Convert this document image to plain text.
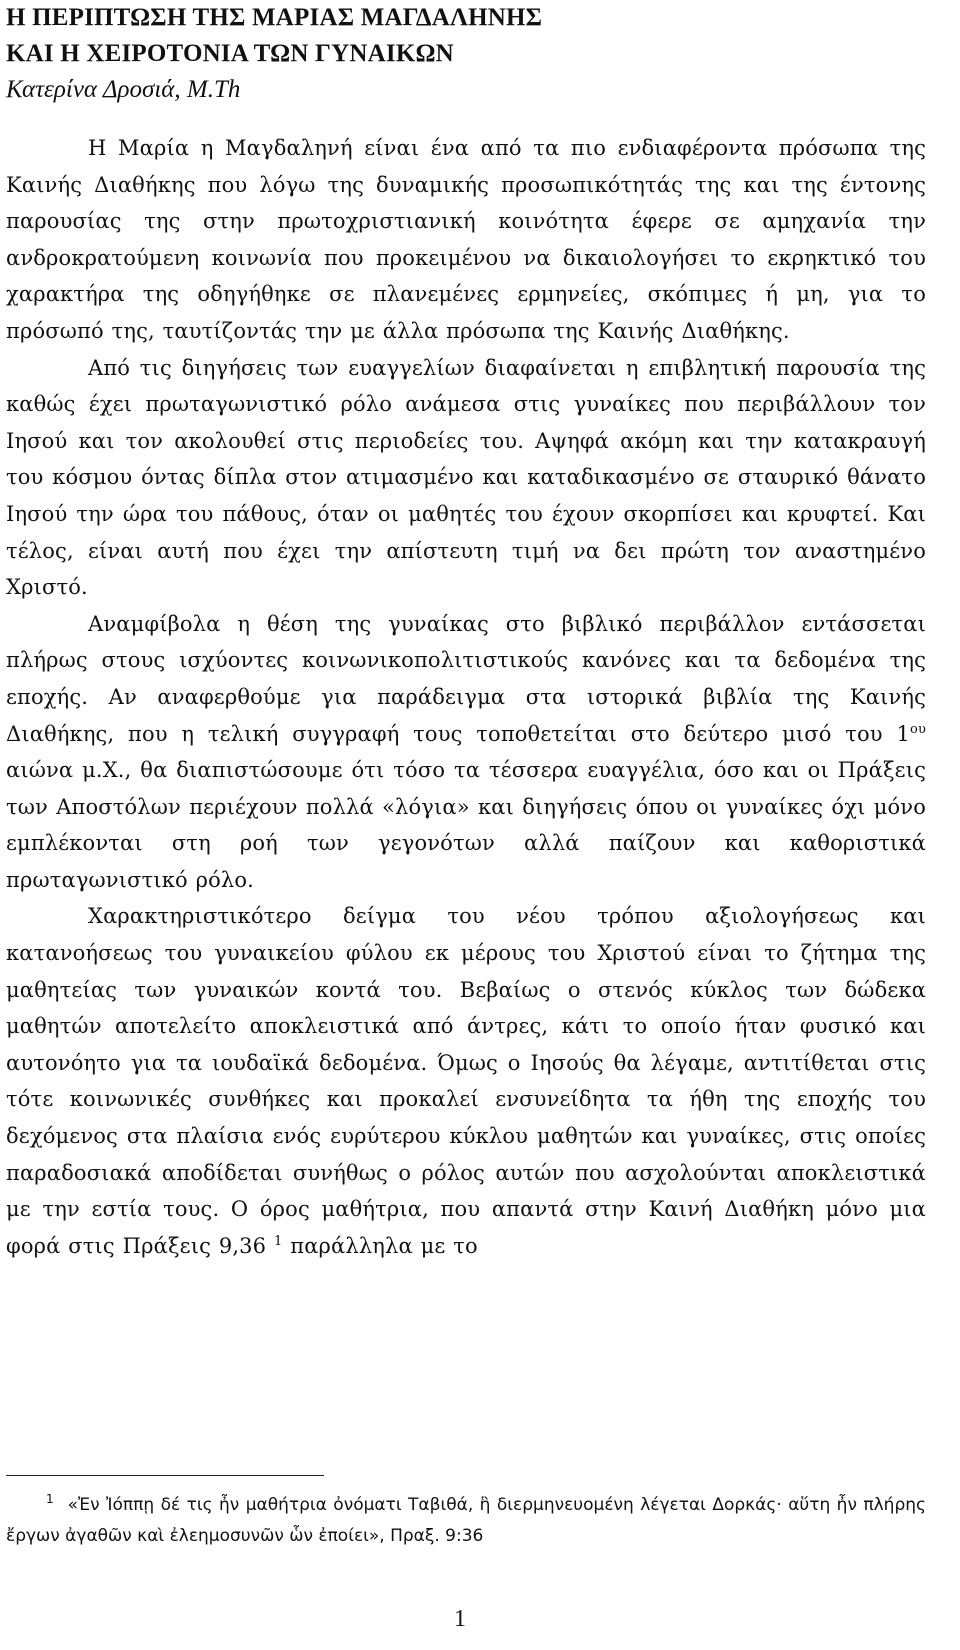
Η ΠΕΡΙΠΤΩΣΗ ΤΗΣ ΜΑΡΙΑΣ ΜΑΓΔΑΛΗΝΗΣ

ΚΑΙ Η ΧΕΙΡΟΤΟΝΙΑ ΤΩΝ ΓΥΝΑΙΚΩΝ

Κατερίνα Δροσιά, M.Th

Η Μαρία η Μαγδαληνή είναι ένα από τα πιο ενδιαφέροντα πρόσωπα της Καινής Διαθήκης που λόγω της δυναμικής προσωπικότητάς της και της έντονης παρουσίας της στην πρωτοχριστιανική κοινότητα έφερε σε αμηχανία την ανδροκρατούμενη κοινωνία που προκειμένου να δικαιολογήσει το εκρηκτικό του χαρακτήρα της οδηγήθηκε σε πλανεμένες ερμηνείες, σκόπιμες ή μη, για το πρόσωπό της, ταυτίζοντάς την με άλλα πρόσωπα της Καινής Διαθήκης.

Από τις διηγήσεις των ευαγγελίων διαφαίνεται η επιβλητική παρουσία της καθώς έχει πρωταγωνιστικό ρόλο ανάμεσα στις γυναίκες που περιβάλλουν τον Ιησού και τον ακολουθεί στις περιοδείες του. Αψηφά ακόμη και την κατακραυγή του κόσμου όντας δίπλα στον ατιμασμένο και καταδικασμένο σε σταυρικό θάνατο Ιησού την ώρα του πάθους, όταν οι μαθητές του έχουν σκορπίσει και κρυφτεί. Και τέλος, είναι αυτή που έχει την απίστευτη τιμή να δει πρώτη τον αναστημένο Χριστό.

Αναμφίβολα η θέση της γυναίκας στο βιβλικό περιβάλλον εντάσσεται πλήρως στους ισχύοντες κοινωνικοπολιτιστικούς κανόνες και τα δεδομένα της εποχής. Αν αναφερθούμε για παράδειγμα στα ιστορικά βιβλία της Καινής Διαθήκης, που η τελική συγγραφή τους τοποθετείται στο δεύτερο μισό του $1^{o\upsilon}$ αιώνα μ.Χ., θα διαπιστώσουμε ότι τόσο τα τέσσερα ευαγγέλια, όσο και οι Πράξεις των Αποστόλων περιέχουν πολλά «λόγια» και διηγήσεις όπου οι γυναίκες όχι μόνο εμπλέκονται στη ροή των γεγονότων αλλά παίζουν και καθοριστικά πρωταγωνιστικό ρόλο.

Χαρακτηριστικότερο δείγμα του νέου τρόπου αξιολογήσεως και κατανοήσεως του γυναικείου φύλου εκ μέρους του Χριστού είναι το ζήτημα της μαθητείας των γυναικών κοντά του. Βεβαίως ο στενός κύκλος των δώδεκα μαθητών αποτελείτο αποκλειστικά από άντρες, κάτι το οποίο ήταν φυσικό και αυτονόητο για τα ιουδαϊκά δεδομένα. Όμως ο Ιησούς θα λέγαμε, αντιτίθεται στις τότε κοινωνικές συνθήκες και προκαλεί ενσυνείδητα τα ήθη της εποχής του δεχόμενος στα πλαίσια ενός ευρύτερου κύκλου μαθητών και γυναίκες, στις οποίες παραδοσιακά αποδίδεται συνήθως ο ρόλος αυτών που ασχολούνται αποκλειστικά με την εστία τους. Ο όρος μαθήτρια, που απαντά στην Καινή Διαθήκη μόνο μια φορά στις Πράξεις 9,36 $^1$ παράλληλα με το

$^1$ «Ἐν Ἰόππῃ δέ τις ἦν μαθήτρια ὀνόματι Ταβιθά, ἣ διερμηνευομένη λέγεται Δορκάς· αὕτη ἦν πλήρης ἔργων ἀγαθῶν καὶ ἐλεημοσυνῶν ὧν ἐποίει», Πραξ. 9:36

1
